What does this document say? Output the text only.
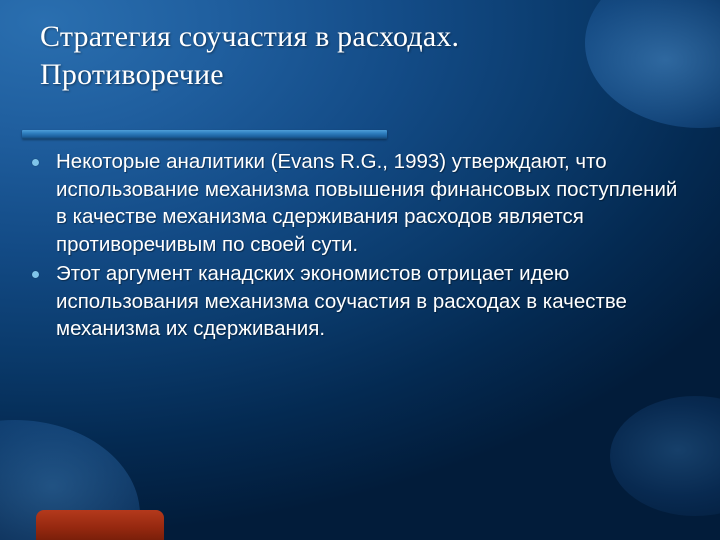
Стратегия соучастия в расходах.
Противоречие
Некоторые аналитики (Evans R.G., 1993) утверждают, что использование механизма повышения финансовых поступлений в качестве механизма сдерживания расходов является противоречивым по своей сути.
Этот аргумент канадских экономистов отрицает идею использования механизма соучастия в расходах в качестве механизма их сдерживания.
